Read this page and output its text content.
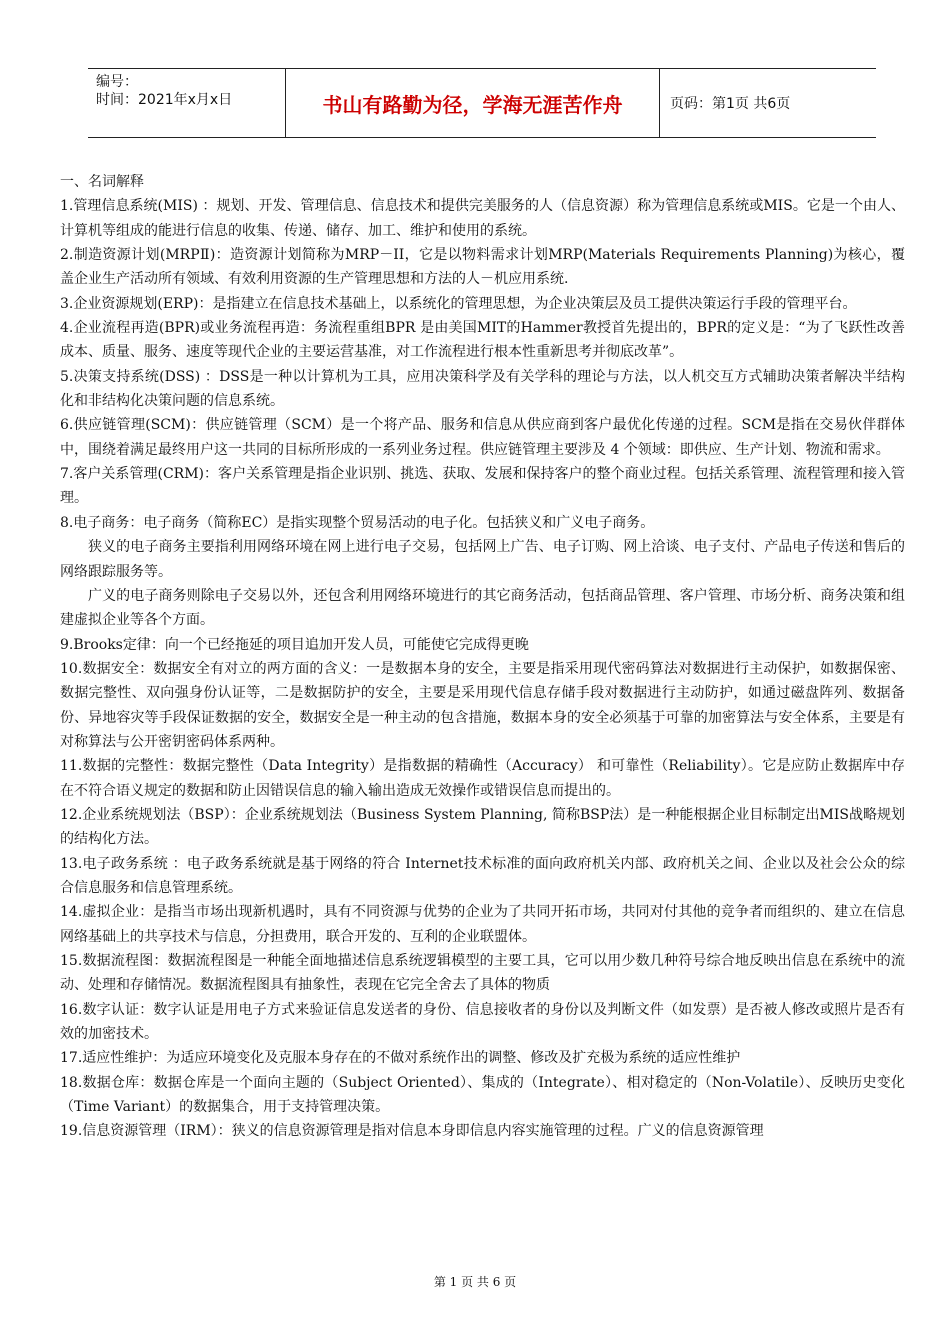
编号：
时间：2021年x月x日	书山有路勤为径，学海无涯苦作舟	页码：第1页 共6页

一、名词解释

1.管理信息系统(MIS) ：规划、开发、管理信息、信息技术和提供完美服务的人（信息资源）称为管理信息系统或MIS。它是一个由人、计算机等组成的能进行信息的收集、传递、储存、加工、维护和使用的系统。

2.制造资源计划(MRPⅡ)：造资源计划简称为MRP－II，它是以物料需求计划MRP(Materials Requirements Planning)为核心，覆盖企业生产活动所有领域、有效利用资源的生产管理思想和方法的人－机应用系统.

3.企业资源规划(ERP)：是指建立在信息技术基础上，以系统化的管理思想，为企业决策层及员工提供决策运行手段的管理平台。

4.企业流程再造(BPR)或业务流程再造：务流程重组BPR 是由美国MIT的Hammer教授首先提出的，BPR的定义是：“为了飞跃性改善成本、质量、服务、速度等现代企业的主要运营基准，对工作流程进行根本性重新思考并彻底改革”。

5.决策支持系统(DSS) ：DSS是一种以计算机为工具，应用决策科学及有关学科的理论与方法，以人机交互方式辅助决策者解决半结构化和非结构化决策问题的信息系统。

6.供应链管理(SCM)：供应链管理（SCM）是一个将产品、服务和信息从供应商到客户最优化传递的过程。SCM是指在交易伙伴群体中，围绕着满足最终用户这一共同的目标所形成的一系列业务过程。供应链管理主要涉及 4 个领域：即供应、生产计划、物流和需求。

7.客户关系管理(CRM)：客户关系管理是指企业识别、挑选、获取、发展和保持客户的整个商业过程。包括关系管理、流程管理和接入管理。

8.电子商务：电子商务（简称EC）是指实现整个贸易活动的电子化。包括狭义和广义电子商务。

狭义的电子商务主要指利用网络环境在网上进行电子交易，包括网上广告、电子订购、网上洽谈、电子支付、产品电子传送和售后的网络跟踪服务等。

广义的电子商务则除电子交易以外，还包含利用网络环境进行的其它商务活动，包括商品管理、客户管理、市场分析、商务决策和组建虚拟企业等各个方面。

9.Brooks定律：向一个已经拖延的项目追加开发人员，可能使它完成得更晚

10.数据安全：数据安全有对立的两方面的含义：一是数据本身的安全，主要是指采用现代密码算法对数据进行主动保护，如数据保密、数据完整性、双向强身份认证等，二是数据防护的安全，主要是采用现代信息存储手段对数据进行主动防护，如通过磁盘阵列、数据备份、异地容灾等手段保证数据的安全，数据安全是一种主动的包含措施，数据本身的安全必须基于可靠的加密算法与安全体系，主要是有对称算法与公开密钥密码体系两种。

11.数据的完整性：数据完整性（Data Integrity）是指数据的精确性（Accuracy） 和可靠性（Reliability）。它是应防止数据库中存在不符合语义规定的数据和防止因错误信息的输入输出造成无效操作或错误信息而提出的。

12.企业系统规划法（BSP）：企业系统规划法（Business System Planning, 简称BSP法）是一种能根据企业目标制定出MIS战略规划的结构化方法。

13.电子政务系统 ：电子政务系统就是基于网络的符合 Internet技术标准的面向政府机关内部、政府机关之间、企业以及社会公众的综合信息服务和信息管理系统。

14.虚拟企业：是指当市场出现新机遇时，具有不同资源与优势的企业为了共同开拓市场，共同对付其他的竞争者而组织的、建立在信息网络基础上的共享技术与信息，分担费用，联合开发的、互利的企业联盟体。

15.数据流程图：数据流程图是一种能全面地描述信息系统逻辑模型的主要工具，它可以用少数几种符号综合地反映出信息在系统中的流动、处理和存储情况。数据流程图具有抽象性，表现在它完全舍去了具体的物质

16.数字认证：数字认证是用电子方式来验证信息发送者的身份、信息接收者的身份以及判断文件（如发票）是否被人修改或照片是否有效的加密技术。

17.适应性维护：为适应环境变化及克服本身存在的不做对系统作出的调整、修改及扩充极为系统的适应性维护

18.数据仓库：数据仓库是一个面向主题的（Subject Oriented）、集成的（Integrate）、相对稳定的（Non-Volatile）、反映历史变化（Time Variant）的数据集合，用于支持管理决策。

19.信息资源管理（IRM）：狭义的信息资源管理是指对信息本身即信息内容实施管理的过程。广义的信息资源管理

第 1 页 共 6 页
